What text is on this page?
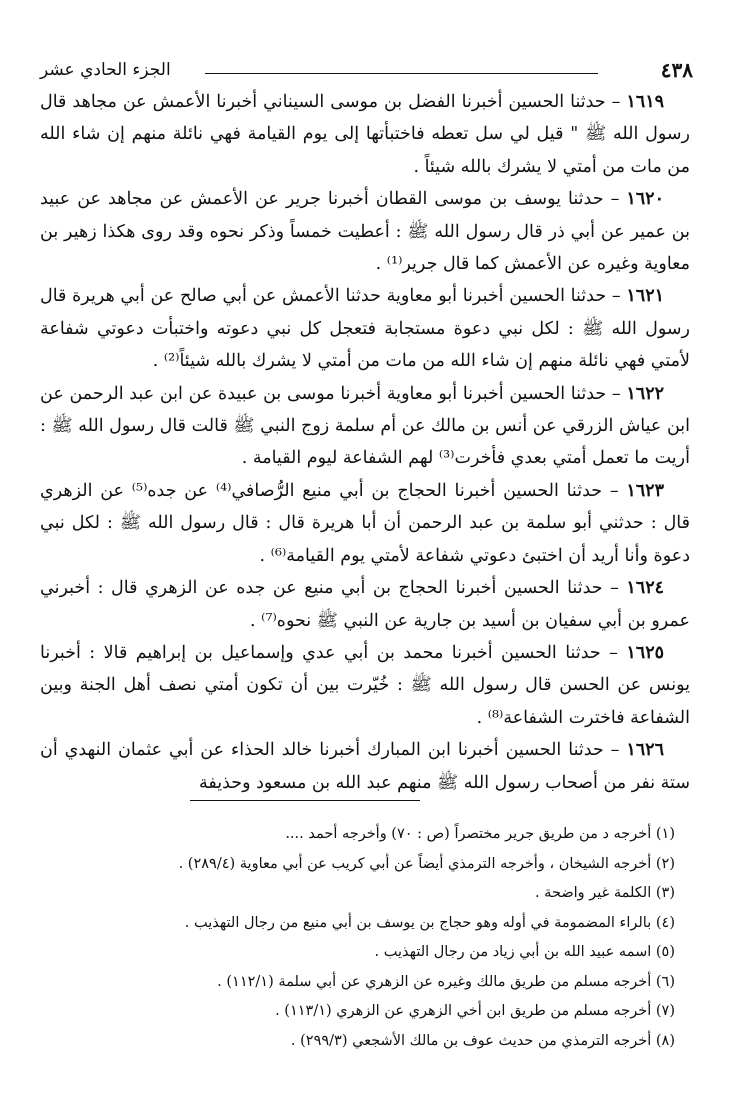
٤٣٨
الجزء الحادي عشر

١٦١٩ – حدثنا الحسين أخبرنا الفضل بن موسى السيناني أخبرنا الأعمش عن مجاهد قال رسول الله ﷺ " قيل لي سل تعطه فاختبأتها إلى يوم القيامة فهي نائلة منهم إن شاء الله من مات من أمتي لا يشرك بالله شيئاً .

١٦٢٠ – حدثنا يوسف بن موسى القطان أخبرنا جرير عن الأعمش عن مجاهد عن عبيد بن عمير عن أبي ذر قال رسول الله ﷺ : أعطيت خمساً وذكر نحوه وقد روى هكذا زهير بن معاوية وغيره عن الأعمش كما قال جرير⁽¹⁾ .

١٦٢١ – حدثنا الحسين أخبرنا أبو معاوية حدثنا الأعمش عن أبي صالح عن أبي هريرة قال رسول الله ﷺ : لكل نبي دعوة مستجابة فتعجل كل نبي دعوته واختبأت دعوتي شفاعة لأمتي فهي نائلة منهم إن شاء الله من مات من أمتي لا يشرك بالله شيئاً⁽²⁾ .

١٦٢٢ – حدثنا الحسين أخبرنا أبو معاوية أخبرنا موسى بن عبيدة عن ابن عبد الرحمن عن ابن عياش الزرقي عن أنس بن مالك عن أم سلمة زوج النبي ﷺ قالت قال رسول الله ﷺ : أريت ما تعمل أمتي بعدي فأخرت⁽³⁾ لهم الشفاعة ليوم القيامة .

١٦٢٣ – حدثنا الحسين أخبرنا الحجاج بن أبي منيع الرُّصافي⁽⁴⁾ عن جده⁽⁵⁾ عن الزهري قال : حدثني أبو سلمة بن عبد الرحمن أن أبا هريرة قال : قال رسول الله ﷺ : لكل نبي دعوة وأنا أريد أن اختبئ دعوتي شفاعة لأمتي يوم القيامة⁽⁶⁾ .

١٦٢٤ – حدثنا الحسين أخبرنا الحجاج بن أبي منيع عن جده عن الزهري قال : أخبرني عمرو بن أبي سفيان بن أسيد بن جارية عن النبي ﷺ نحوه⁽⁷⁾ .

١٦٢٥ – حدثنا الحسين أخبرنا محمد بن أبي عدي وإسماعيل بن إبراهيم قالا : أخبرنا يونس عن الحسن قال رسول الله ﷺ : خُيّرت بين أن تكون أمتي نصف أهل الجنة وبين الشفاعة فاخترت الشفاعة⁽⁸⁾ .

١٦٢٦ – حدثنا الحسين أخبرنا ابن المبارك أخبرنا خالد الحذاء عن أبي عثمان النهدي أن ستة نفر من أصحاب رسول الله ﷺ منهم عبد الله بن مسعود وحذيفة

(١) أخرجه د من طريق جرير مختصراً (ص : ٧٠) وأخرجه أحمد ....

(٢) أخرجه الشيخان ، وأخرجه الترمذي أيضاً عن أبي كريب عن أبي معاوية (٢٨٩/٤) .

(٣) الكلمة غير واضحة .

(٤) بالراء المضمومة في أوله وهو حجاج بن يوسف بن أبي منيع من رجال التهذيب .

(٥) اسمه عبيد الله بن أبي زياد من رجال التهذيب .

(٦) أخرجه مسلم من طريق مالك وغيره عن الزهري عن أبي سلمة (١١٢/١) .

(٧) أخرجه مسلم من طريق ابن أخي الزهري عن الزهري (١١٣/١) .

(٨) أخرجه الترمذي من حديث عوف بن مالك الأشجعي (٢٩٩/٣) .
